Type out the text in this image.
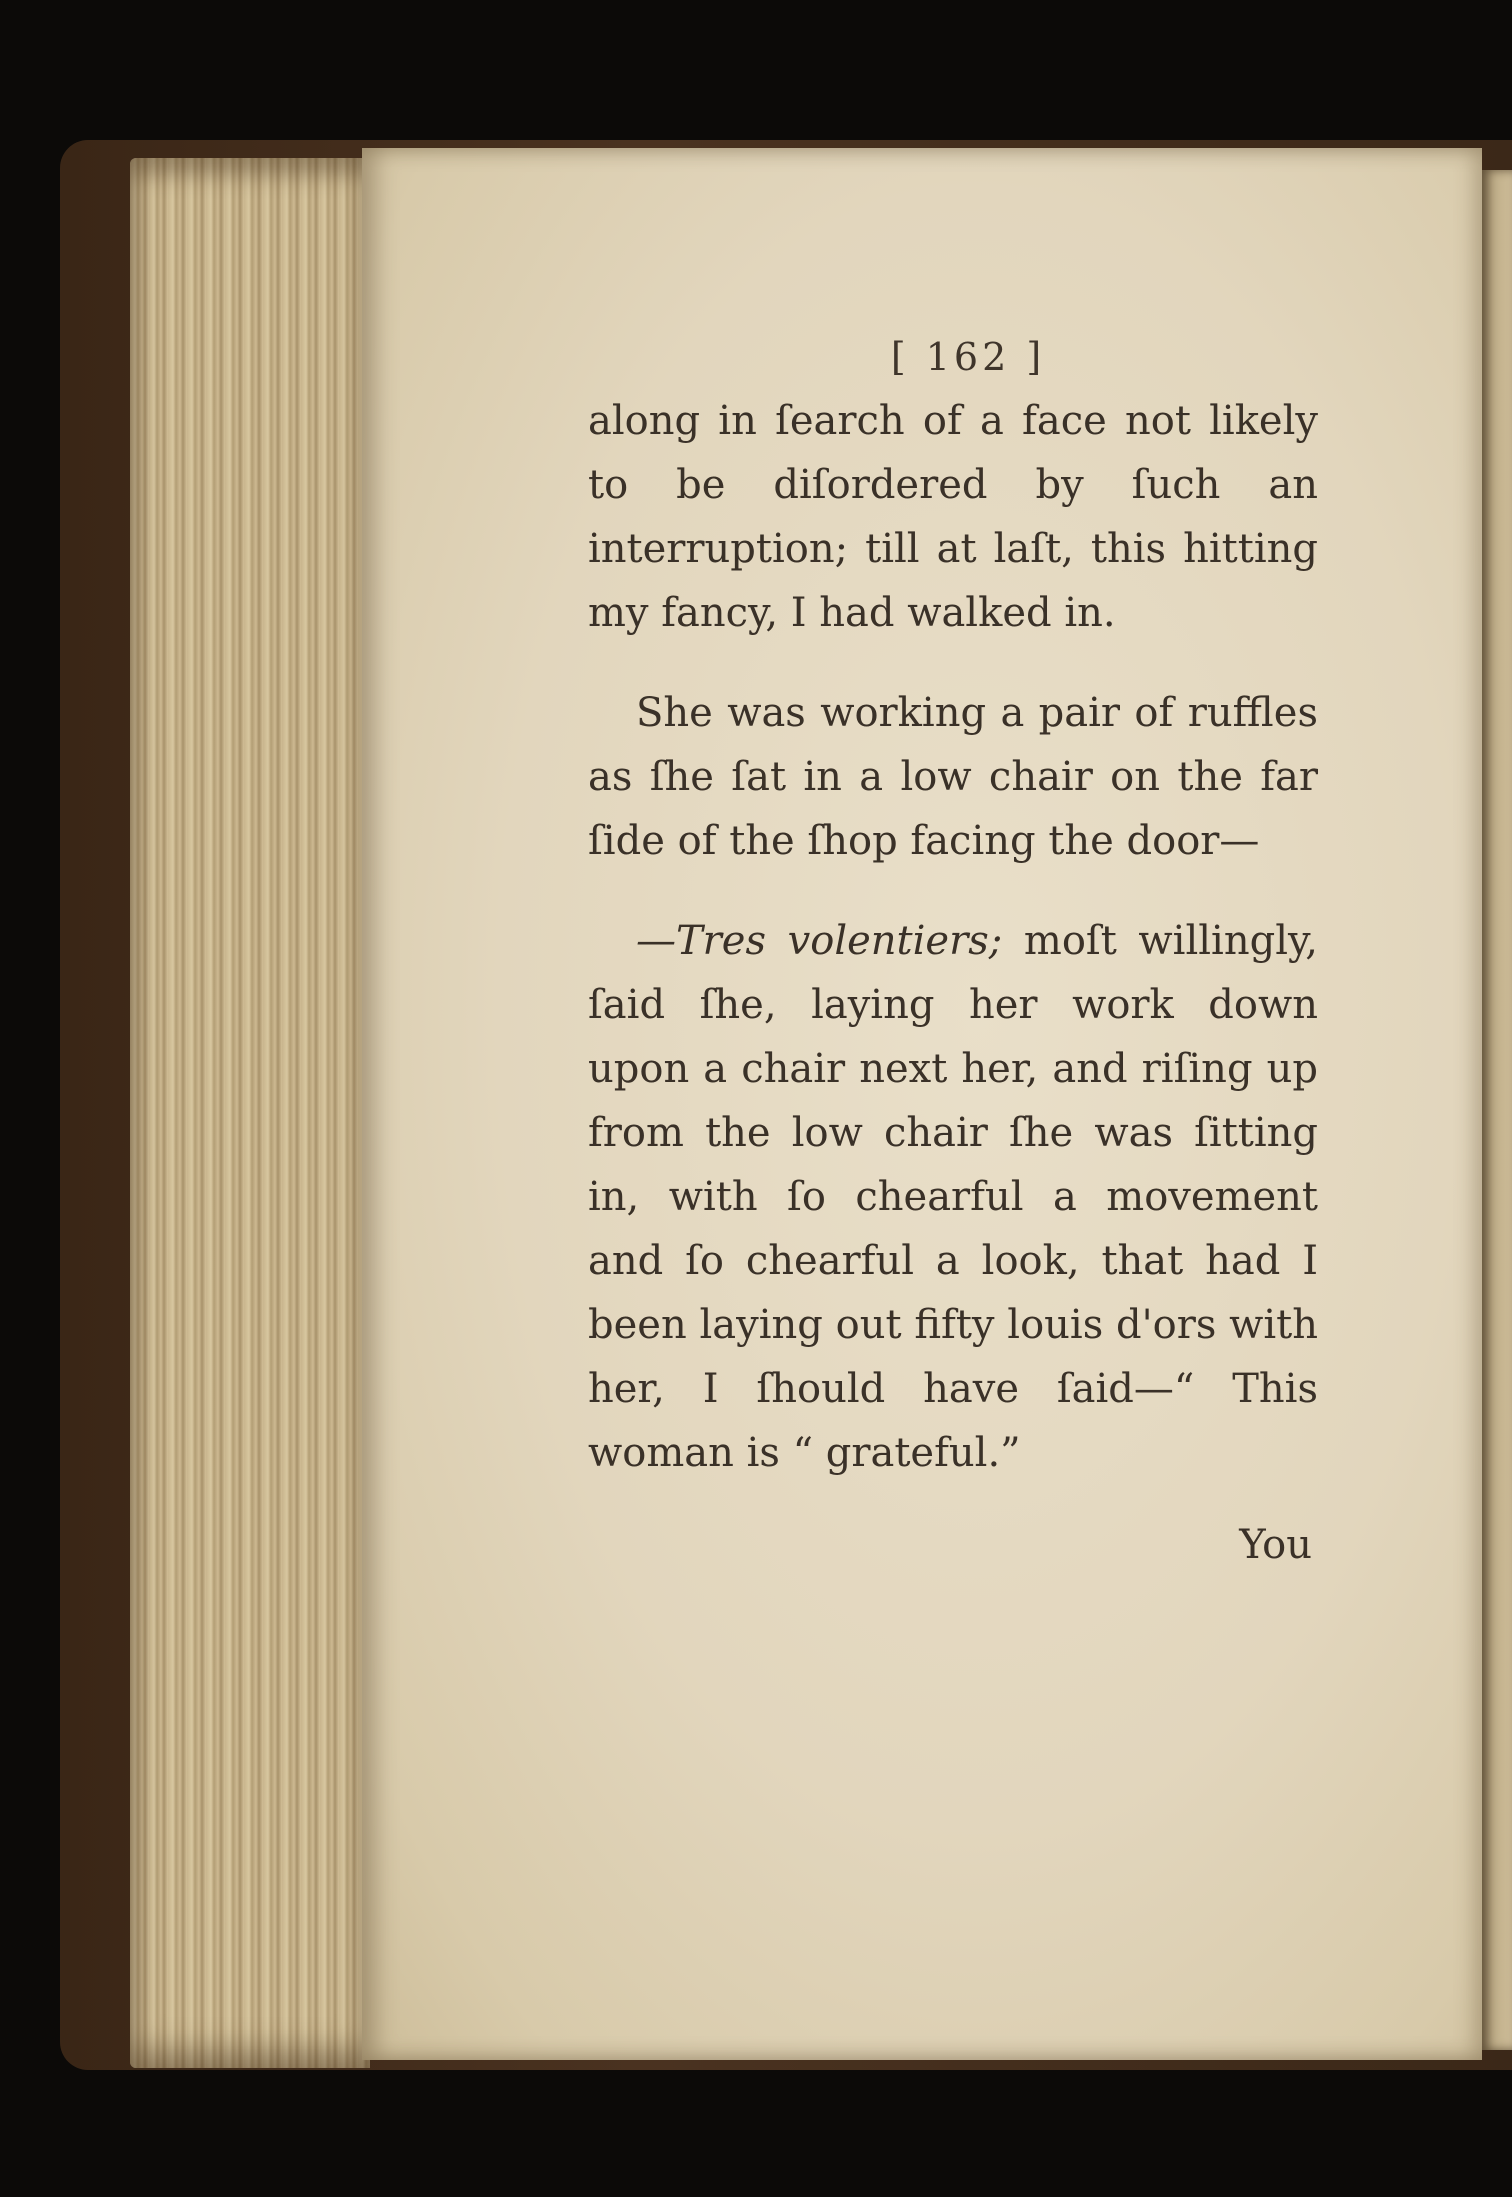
[ 162 ]

along in ſearch of a face not likely to be diſordered by ſuch an interruption; till at laſt, this hitting my fancy, I had walked in.

She was working a pair of ruffles as ſhe ſat in a low chair on the far ſide of the ſhop facing the door—

—Tres volentiers; moſt willingly, ſaid ſhe, laying her work down upon a chair next her, and riſing up from the low chair ſhe was ſitting in, with ſo chearful a movement and ſo chearful a look, that had I been laying out fifty louis d'ors with her, I ſhould have ſaid—“ This woman is “ grateful.”

You
